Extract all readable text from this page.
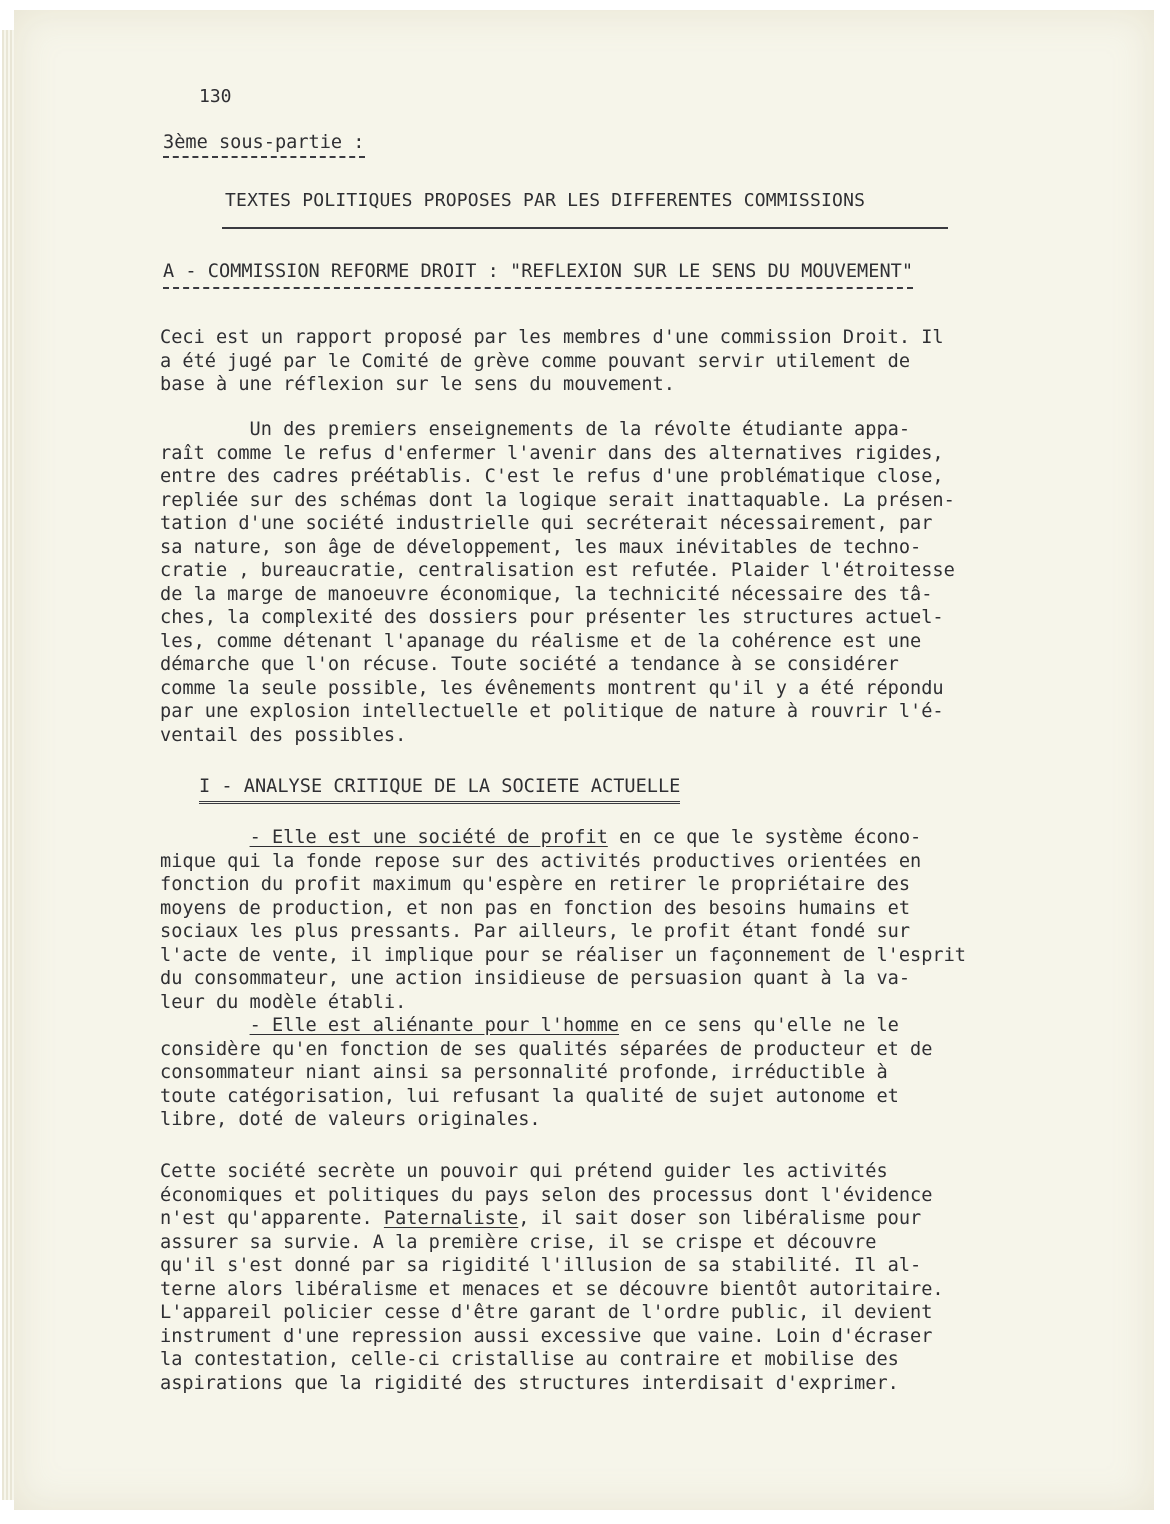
130

3ème sous-partie :

TEXTES POLITIQUES PROPOSES PAR LES DIFFERENTES COMMISSIONS

A - COMMISSION REFORME DROIT : "REFLEXION SUR LE SENS DU MOUVEMENT"

Ceci est un rapport proposé par les membres d'une commission Droit. Il
a été jugé par le Comité de grève comme pouvant servir utilement de
base à une réflexion sur le sens du mouvement.

Un des premiers enseignements de la révolte étudiante appa-
raît comme le refus d'enfermer l'avenir dans des alternatives rigides,
entre des cadres préétablis. C'est le refus d'une problématique close,
repliée sur des schémas dont la logique serait inattaquable. La présen-
tation d'une société industrielle qui secréterait nécessairement, par
sa nature, son âge de développement, les maux inévitables de techno-
cratie , bureaucratie, centralisation est refutée. Plaider l'étroitesse
de la marge de manoeuvre économique, la technicité nécessaire des tâ-
ches, la complexité des dossiers pour présenter les structures actuel-
les, comme détenant l'apanage du réalisme et de la cohérence est une
démarche que l'on récuse. Toute société a tendance à se considérer
comme la seule possible, les évênements montrent qu'il y a été répondu
par une explosion intellectuelle et politique de nature à rouvrir l'é-
ventail des possibles.

I - ANALYSE CRITIQUE DE LA SOCIETE ACTUELLE

- Elle est une société de profit en ce que le système écono-
mique qui la fonde repose sur des activités productives orientées en
fonction du profit maximum qu'espère en retirer le propriétaire des
moyens de production, et non pas en fonction des besoins humains et
sociaux les plus pressants. Par ailleurs, le profit étant fondé sur
l'acte de vente, il implique pour se réaliser un façonnement de l'esprit
du consommateur, une action insidieuse de persuasion quant à la va-
leur du modèle établi.
- Elle est aliénante pour l'homme en ce sens qu'elle ne le
considère qu'en fonction de ses qualités séparées de producteur et de
consommateur niant ainsi sa personnalité profonde, irréductible à
toute catégorisation, lui refusant la qualité de sujet autonome et
libre, doté de valeurs originales.

Cette société secrète un pouvoir qui prétend guider les activités
économiques et politiques du pays selon des processus dont l'évidence
n'est qu'apparente. Paternaliste, il sait doser son libéralisme pour
assurer sa survie. A la première crise, il se crispe et découvre
qu'il s'est donné par sa rigidité l'illusion de sa stabilité. Il al-
terne alors libéralisme et menaces et se découvre bientôt autoritaire.
L'appareil policier cesse d'être garant de l'ordre public, il devient
instrument d'une repression aussi excessive que vaine. Loin d'écraser
la contestation, celle-ci cristallise au contraire et mobilise des
aspirations que la rigidité des structures interdisait d'exprimer.
